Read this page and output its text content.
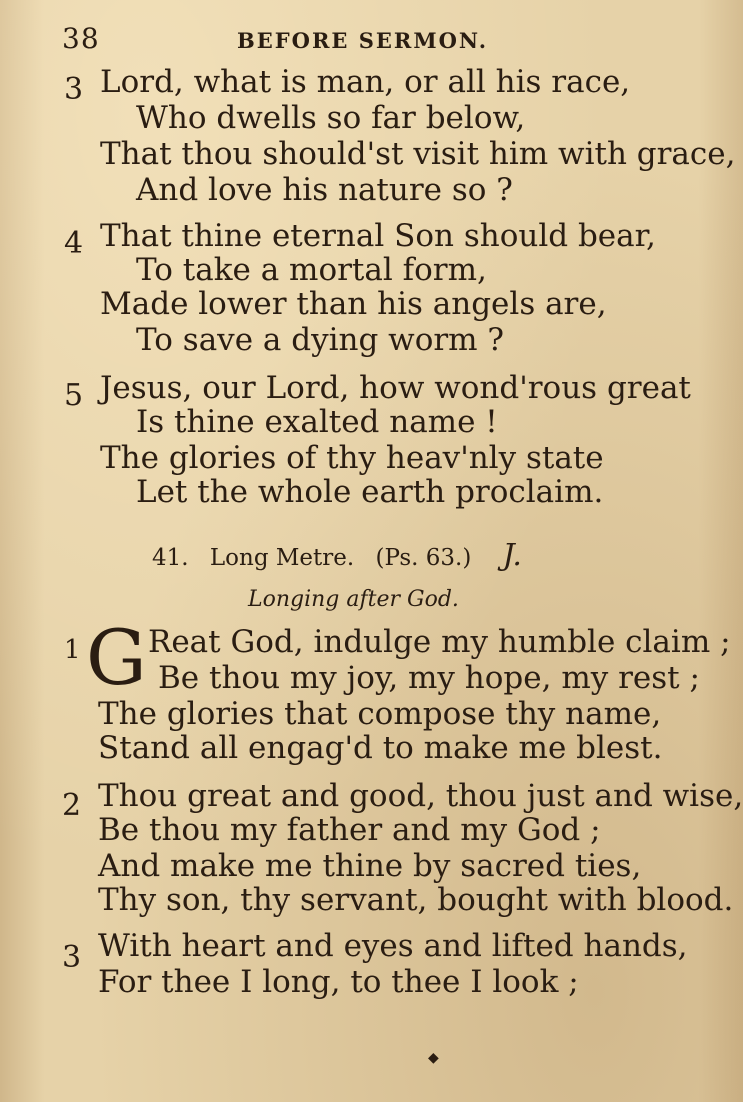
38	BEFORE SERMON.
3 Lord, what is man, or all his race,
Who dwells so far below,
That thou should'st visit him with grace,
And love his nature so ?
4 That thine eternal Son should bear,
To take a mortal form,
Made lower than his angels are,
To save a dying worm ?
5 Jesus, our Lord, how wond'rous great
Is thine exalted name !
The glories of thy heav'nly state
Let the whole earth proclaim.
41. Long Metre. (Ps. 63.) J.
Longing after God.
1 G Reat God, indulge my humble claim ;
Be thou my joy, my hope, my rest ;
The glories that compose thy name,
Stand all engag'd to make me blest.
2 Thou great and good, thou just and wise,
Be thou my father and my God ;
And make me thine by sacred ties,
Thy son, thy servant, bought with blood.
3 With heart and eyes and lifted hands,
For thee I long, to thee I look ;
◆
